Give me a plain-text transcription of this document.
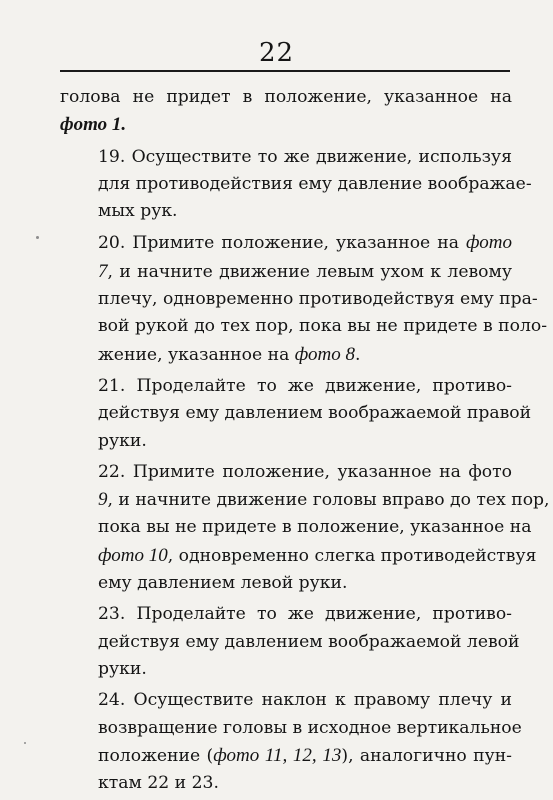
22

голова не придет в положение, указанное на
фото 1.

19. Осуществите то же движение, используя
для противодействия ему давление воображае-
мых рук.

20. Примите положение, указанное на фото
7, и начните движение левым ухом к левому
плечу, одновременно противодействуя ему пра-
вой рукой до тех пор, пока вы не придете в поло-
жение, указанное на фото 8.

21. Проделайте то же движение, противо-
действуя ему давлением воображаемой правой
руки.

22. Примите положение, указанное на фото
9, и начните движение головы вправо до тех пор,
пока вы не придете в положение, указанное на
фото 10, одновременно слегка противодействуя
ему давлением левой руки.

23. Проделайте то же движение, противо-
действуя ему давлением воображаемой левой
руки.

24. Осуществите наклон к правому плечу и
возвращение головы в исходное вертикальное
положение (фото 11, 12, 13), аналогично пун-
ктам 22 и 23.
